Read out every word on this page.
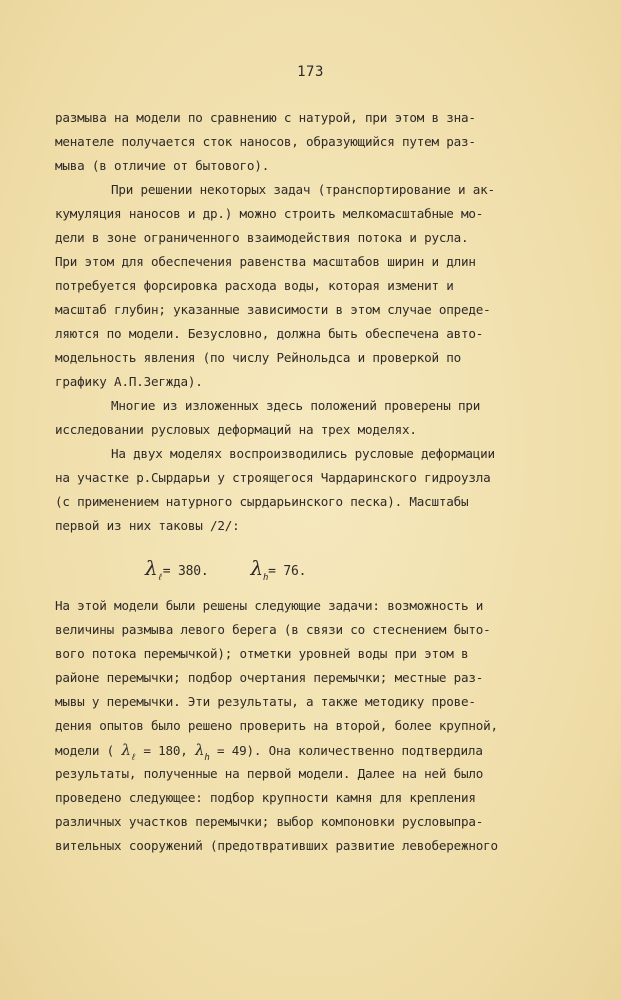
173
размыва на модели по сравнению с натурой, при этом в зна-
менателе получается сток наносов, образующийся путем раз-
мыва (в отличие от бытового).
При решении некоторых задач (транспортирование и ак-
кумуляция наносов и др.) можно строить мелкомасштабные мо-
дели в зоне ограниченного взаимодействия потока и русла.
При этом для обеспечения равенства масштабов ширин и длин
потребуется форсировка расхода воды, которая изменит и
масштаб глубин; указанные зависимости в этом случае опреде-
ляются по модели. Безусловно, должна быть обеспечена авто-
модельность явления (по числу Рейнольдса и проверкой по
графику А.П.Зегжда).
Многие из изложенных здесь положений проверены при
исследовании русловых деформаций на трех моделях.
На двух моделях воспроизводились русловые деформации
на участке р.Сырдарьи у строящегося Чардаринского гидроузла
(с применением натурного сырдарьинского песка). Масштабы
первой из них таковы /2/:
$\lambda_\ell= 380$. $\lambda_h= 76$.
На этой модели были решены следующие задачи: возможность и
величины размыва левого берега (в связи со стеснением быто-
вого потока перемычкой); отметки уровней воды при этом в
районе перемычки; подбор очертания перемычки; местные раз-
мывы у перемычки. Эти результаты, а также методику прове-
дения опытов было решено проверить на второй, более крупной,
модели ( $\lambda_\ell = 180$, $\lambda_h = 49$). Она количественно подтвердила
результаты, полученные на первой модели. Далее на ней было
проведено следующее: подбор крупности камня для крепления
различных участков перемычки; выбор компоновки русловыпра-
вительных сооружений (предотвративших развитие левобережного
